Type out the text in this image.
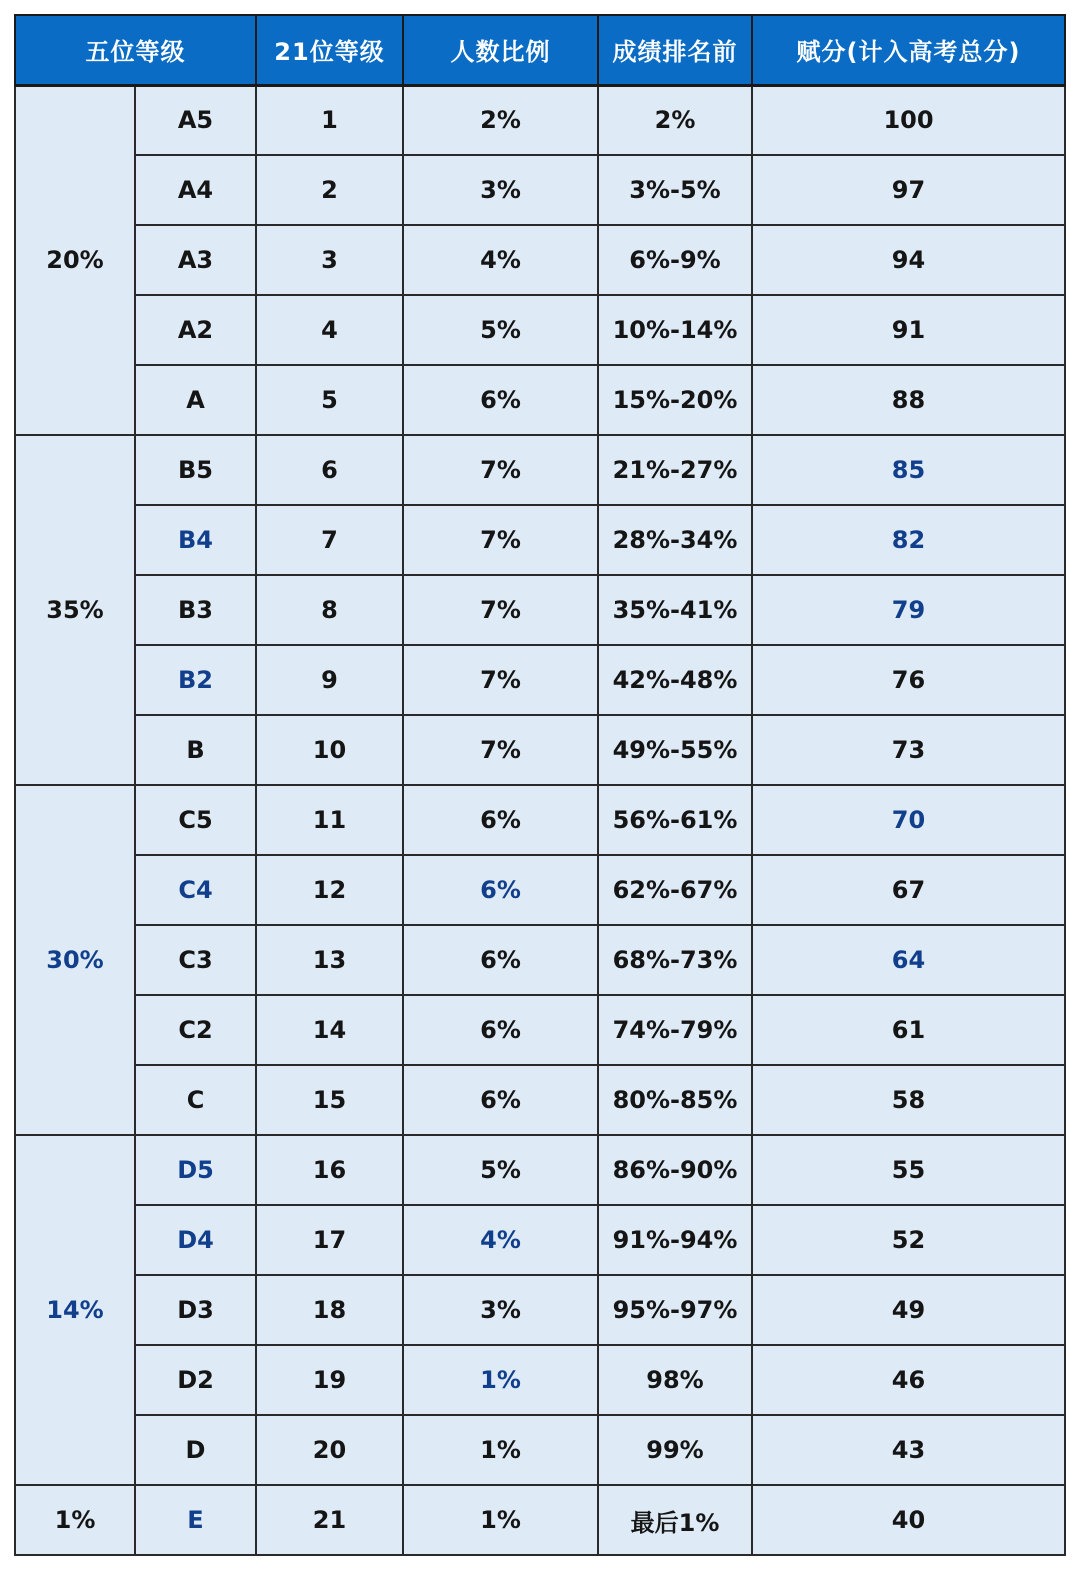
五位等级		21位等级	人数比例	成绩排名前	赋分(计入高考总分)
20%	A5	1	2%	2%	100
	A4	2	3%	3%-5%	97
	A3	3	4%	6%-9%	94
	A2	4	5%	10%-14%	91
	A	5	6%	15%-20%	88
35%	B5	6	7%	21%-27%	85
	B4	7	7%	28%-34%	82
	B3	8	7%	35%-41%	79
	B2	9	7%	42%-48%	76
	B	10	7%	49%-55%	73
30%	C5	11	6%	56%-61%	70
	C4	12	6%	62%-67%	67
	C3	13	6%	68%-73%	64
	C2	14	6%	74%-79%	61
	C	15	6%	80%-85%	58
14%	D5	16	5%	86%-90%	55
	D4	17	4%	91%-94%	52
	D3	18	3%	95%-97%	49
	D2	19	1%	98%	46
	D	20	1%	99%	43
1%	E	21	1%	最后1%	40
